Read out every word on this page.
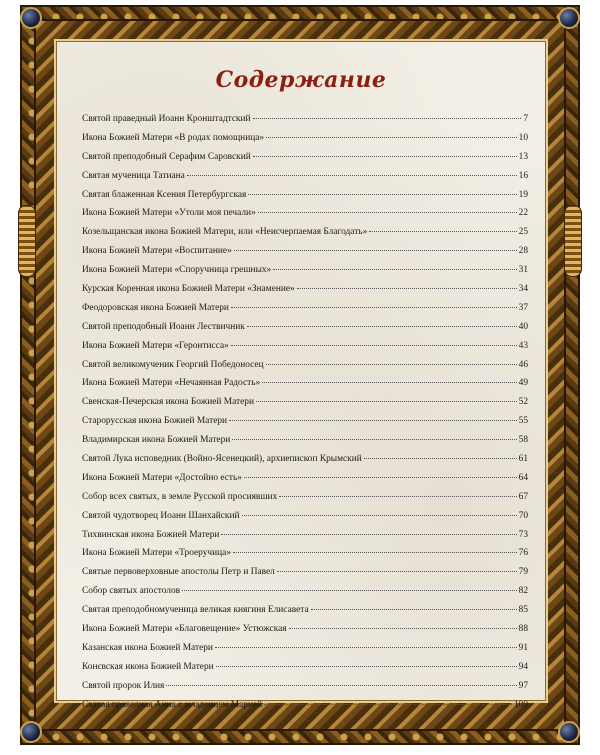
Содержание
Святой праведный Иоанн Кронштадтский	7
Икона Божией Матери «В родах помощница»	10
Святой преподобный Серафим Саровский	13
Святая мученица Татиана	16
Святая блаженная Ксения Петербургская	19
Икона Божией Матери «Утоли моя печали»	22
Козельщанская икона Божией Матери, или «Неисчерпаемая Благодать»	25
Икона Божией Матери «Воспитание»	28
Икона Божией Матери «Споручница грешных»	31
Курская Коренная икона Божией Матери «Знамение»	34
Феодоровская икона Божией Матери	37
Святой преподобный Иоанн Лествичник	40
Икона Божией Матери «Геронтисса»	43
Святой великомученик Георгий Победоносец	46
Икона Божией Матери «Нечаянная Радость»	49
Свенская-Печерская икона Божией Матери	52
Старорусская икона Божией Матери	55
Владимирская икона Божией Матери	58
Святой Лука исповедник (Войно-Ясенецкий), архиепископ Крымский	61
Икона Божией Матери «Достойно есть»	64
Собор всех святых, в земле Русской просиявших	67
Святой чудотворец Иоанн Шанхайский	70
Тихвинская икона Божией Матери	73
Икона Божией Матери «Троеручица»	76
Святые первоверховные апостолы Петр и Павел	79
Собор святых апостолов	82
Святая преподобномученица великая княгиня Елисавета	85
Икона Божией Матери «Благовещение» Устюжская	88
Казанская икона Божией Матери	91
Конєвская икона Божией Матери	94
Святой пророк Илия	97
Святая праведная Анна с младенцем Марией	100
